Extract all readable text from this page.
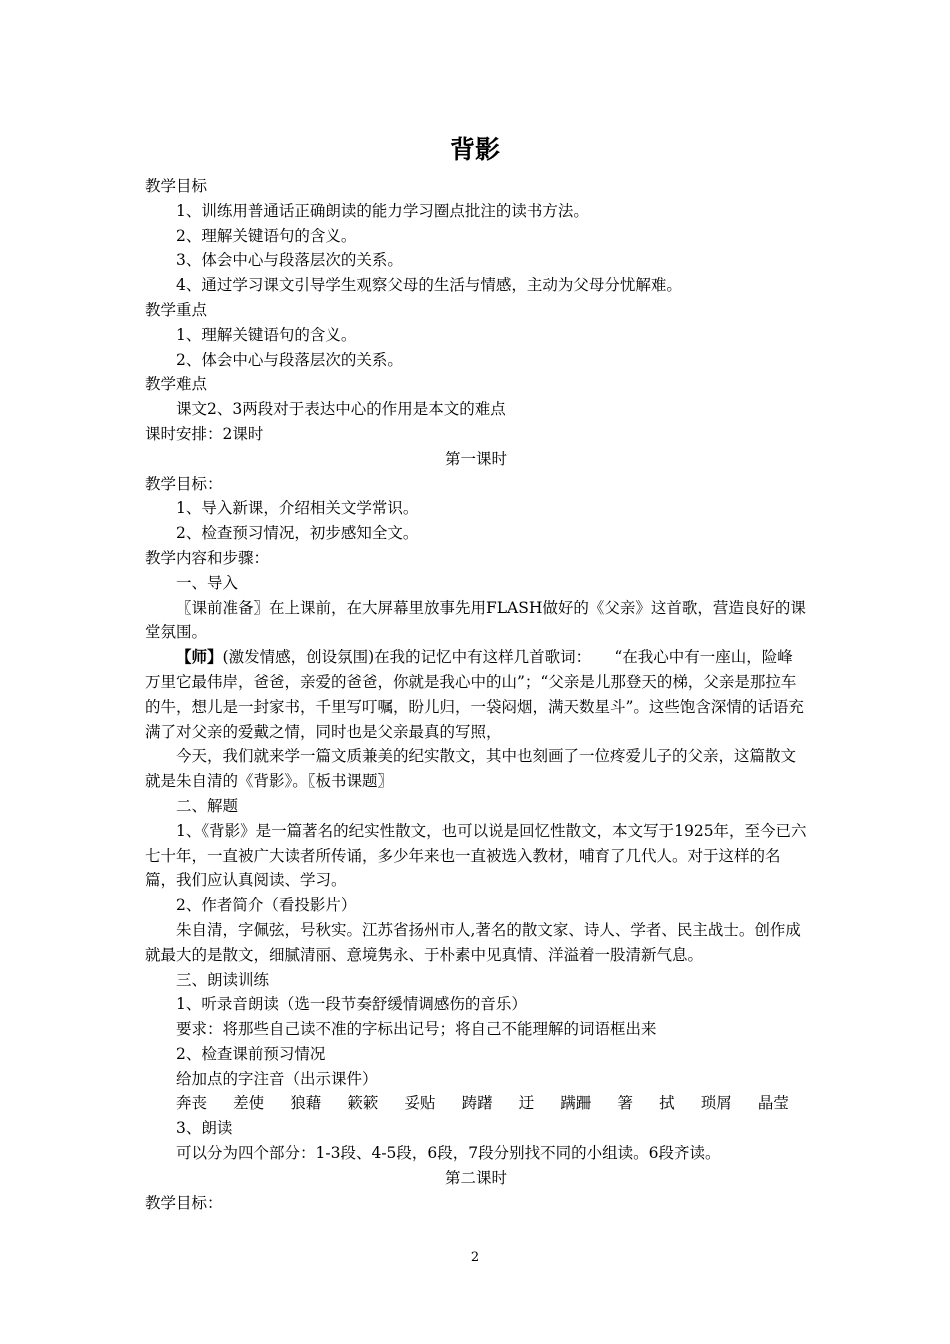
背影

教学目标

1、训练用普通话正确朗读的能力学习圈点批注的读书方法。

2、理解关键语句的含义。

3、体会中心与段落层次的关系。

4、通过学习课文引导学生观察父母的生活与情感，主动为父母分忧解难。

教学重点

1、理解关键语句的含义。

2、体会中心与段落层次的关系。

教学难点

课文2、3两段对于表达中心的作用是本文的难点

课时安排：2课时

第一课时

教学目标：

1、导入新课，介绍相关文学常识。

2、检查预习情况，初步感知全文。

教学内容和步骤：

一、导入

〖课前准备〗在上课前，在大屏幕里放事先用FLASH做好的《父亲》这首歌，营造良好的课堂氛围。

【师】(激发情感，创设氛围)在我的记忆中有这样几首歌词：　　“在我心中有一座山，险峰万里它最伟岸，爸爸，亲爱的爸爸，你就是我心中的山”；“父亲是儿那登天的梯，父亲是那拉车的牛，想儿是一封家书，千里写叮嘱，盼儿归，一袋闷烟，满天数星斗”。这些饱含深情的话语充满了对父亲的爱戴之情，同时也是父亲最真的写照，

今天，我们就来学一篇文质兼美的纪实散文，其中也刻画了一位疼爱儿子的父亲，这篇散文就是朱自清的《背影》。〖板书课题〗

二、解题

1、《背影》是一篇著名的纪实性散文，也可以说是回忆性散文，本文写于1925年，至今已六七十年，一直被广大读者所传诵，多少年来也一直被选入教材，哺育了几代人。对于这样的名篇，我们应认真阅读、学习。

2、作者简介（看投影片）

朱自清，字佩弦，号秋实。江苏省扬州市人,著名的散文家、诗人、学者、民主战士。创作成就最大的是散文，细腻清丽、意境隽永、于朴素中见真情、洋溢着一股清新气息。

三、朗读训练

1、听录音朗读（选一段节奏舒缓情调感伤的音乐）

要求：将那些自己读不准的字标出记号；将自己不能理解的词语框出来

2、检查课前预习情况

给加点的字注音（出示课件）

奔丧 差使 狼藉 簌簌 妥贴 踌躇 迂 蹒跚 箸 拭 琐屑 晶莹

3、朗读

可以分为四个部分：1-3段、4-5段，6段，7段分别找不同的小组读。6段齐读。

第二课时

教学目标：

2
